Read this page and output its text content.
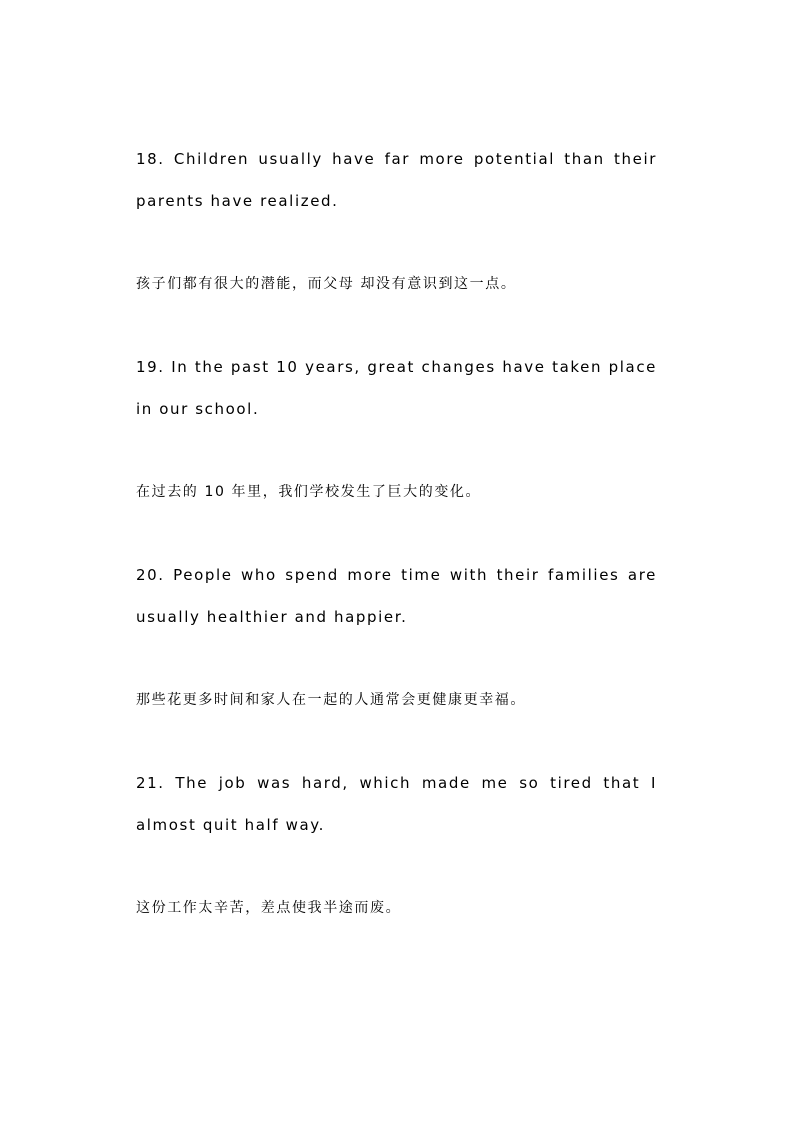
18. Children usually have far more potential than their parents have realized.

孩子们都有很大的潜能，而父母 却没有意识到这一点。

19. In the past 10 years, great changes have taken place in our school.

在过去的 10 年里，我们学校发生了巨大的变化。

20. People who spend more time with their families are usually healthier and happier.

那些花更多时间和家人在一起的人通常会更健康更幸福。

21. The job was hard, which made me so tired that I almost quit half way.

这份工作太辛苦，差点使我半途而废。
